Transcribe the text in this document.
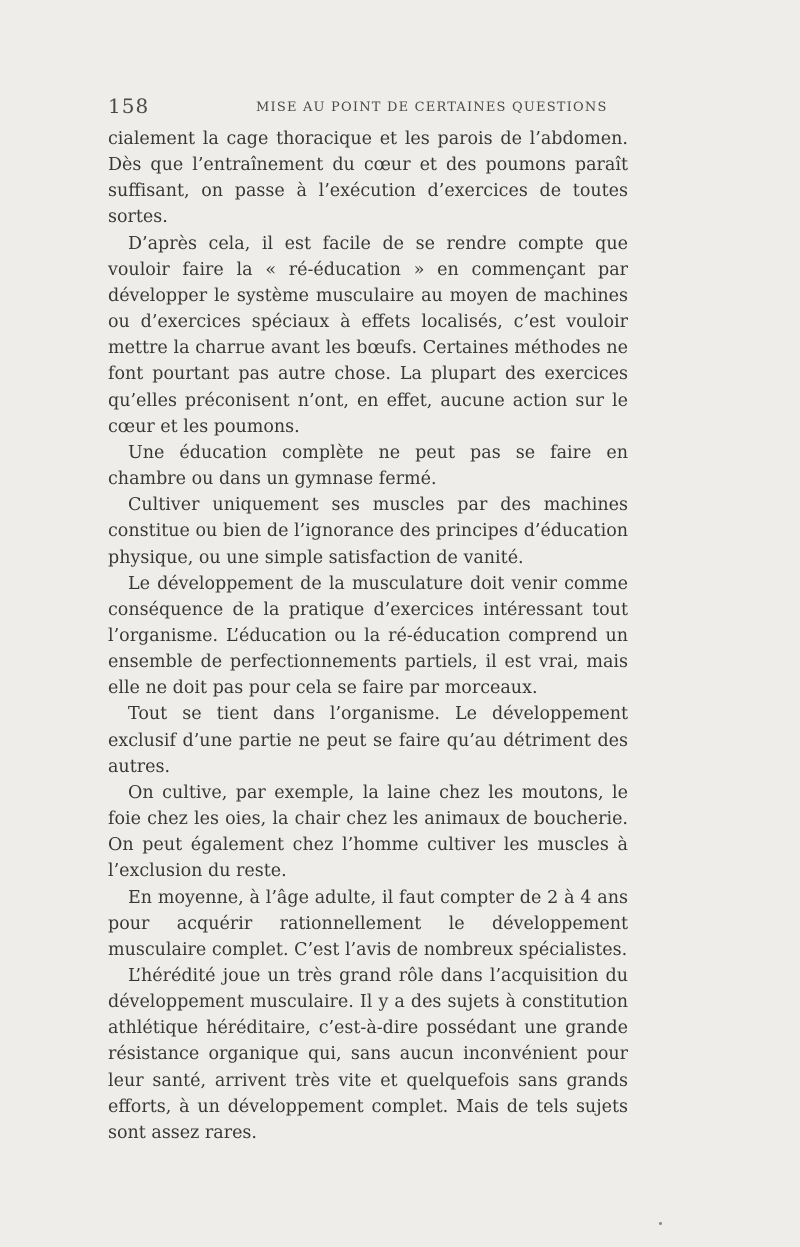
158	MISE AU POINT DE CERTAINES QUESTIONS

cialement la cage thoracique et les parois de l’abdomen. Dès que l’entraînement du cœur et des poumons paraît suffisant, on passe à l’exécution d’exercices de toutes sortes.

D’après cela, il est facile de se rendre compte que vouloir faire la « ré-éducation » en commençant par développer le système musculaire au moyen de machines ou d’exercices spéciaux à effets localisés, c’est vouloir mettre la charrue avant les bœufs. Certaines méthodes ne font pourtant pas autre chose. La plupart des exercices qu’elles préconisent n’ont, en effet, aucune action sur le cœur et les poumons.

Une éducation complète ne peut pas se faire en chambre ou dans un gymnase fermé.

Cultiver uniquement ses muscles par des machines constitue ou bien de l’ignorance des principes d’éducation physique, ou une simple satisfaction de vanité.

Le développement de la musculature doit venir comme conséquence de la pratique d’exercices intéressant tout l’organisme. L’éducation ou la ré-éducation comprend un ensemble de perfectionnements partiels, il est vrai, mais elle ne doit pas pour cela se faire par morceaux.

Tout se tient dans l’organisme. Le développement exclusif d’une partie ne peut se faire qu’au détriment des autres.

On cultive, par exemple, la laine chez les moutons, le foie chez les oies, la chair chez les animaux de boucherie. On peut également chez l’homme cultiver les muscles à l’exclusion du reste.

En moyenne, à l’âge adulte, il faut compter de 2 à 4 ans pour acquérir rationnellement le développement musculaire complet. C’est l’avis de nombreux spécialistes.

L’hérédité joue un très grand rôle dans l’acquisition du développement musculaire. Il y a des sujets à constitution athlétique héréditaire, c’est-à-dire possédant une grande résistance organique qui, sans aucun inconvénient pour leur santé, arrivent très vite et quelquefois sans grands efforts, à un développement complet. Mais de tels sujets sont assez rares.
